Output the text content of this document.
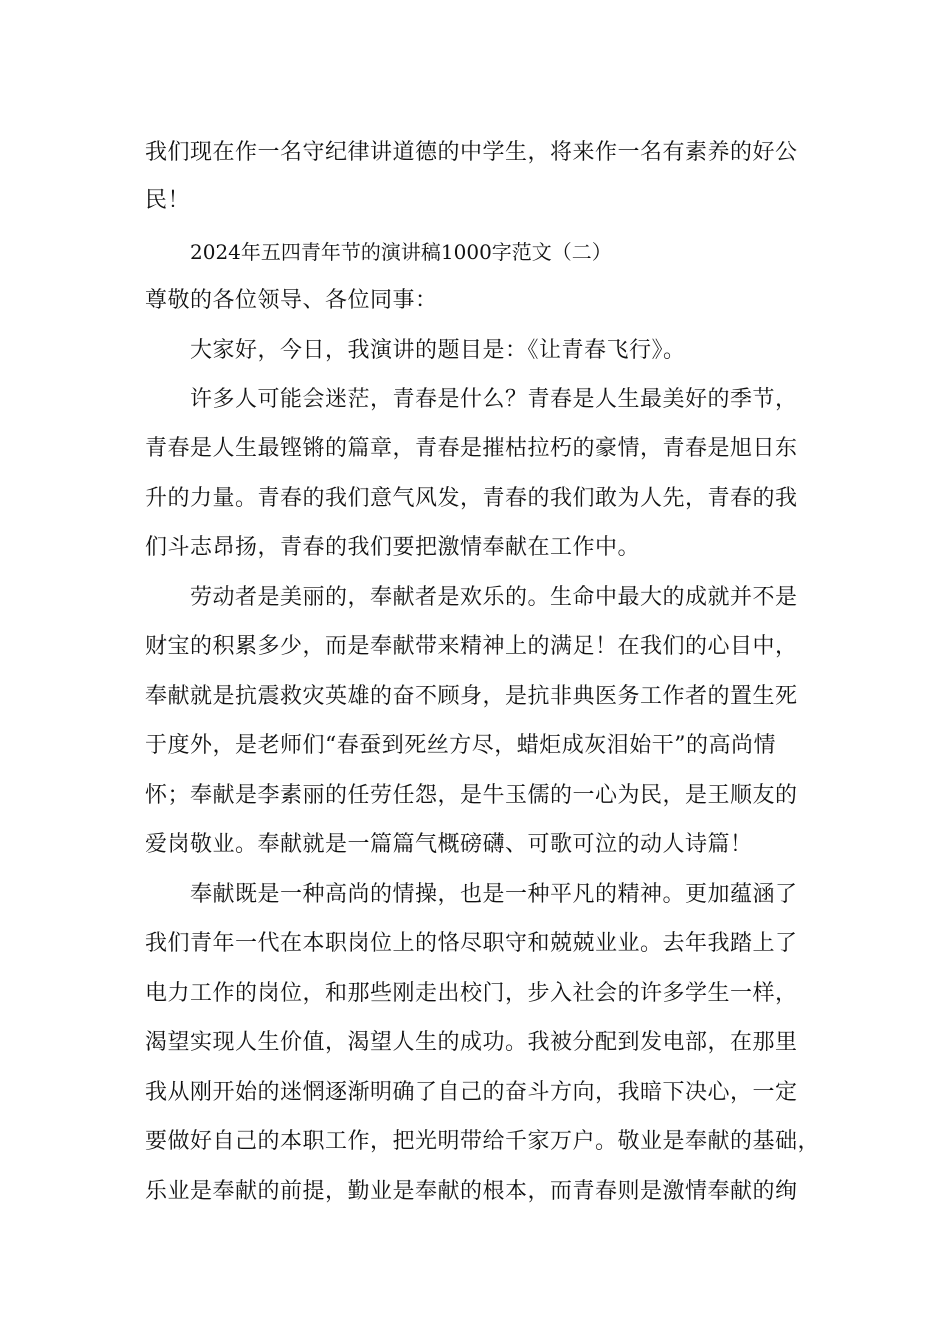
我们现在作一名守纪律讲道德的中学生，将来作一名有素养的好公
民！
2024年五四青年节的演讲稿1000字范文（二）
尊敬的各位领导、各位同事：
大家好，今日，我演讲的题目是：《让青春飞行》。
许多人可能会迷茫，青春是什么？青春是人生最美好的季节，
青春是人生最铿锵的篇章，青春是摧枯拉朽的豪情，青春是旭日东
升的力量。青春的我们意气风发，青春的我们敢为人先，青春的我
们斗志昂扬，青春的我们要把激情奉献在工作中。
劳动者是美丽的，奉献者是欢乐的。生命中最大的成就并不是
财宝的积累多少，而是奉献带来精神上的满足！在我们的心目中，
奉献就是抗震救灾英雄的奋不顾身，是抗非典医务工作者的置生死
于度外，是老师们“春蚕到死丝方尽，蜡炬成灰泪始干”的高尚情
怀；奉献是李素丽的任劳任怨，是牛玉儒的一心为民，是王顺友的
爱岗敬业。奉献就是一篇篇气概磅礴、可歌可泣的动人诗篇！
奉献既是一种高尚的情操，也是一种平凡的精神。更加蕴涵了
我们青年一代在本职岗位上的恪尽职守和兢兢业业。去年我踏上了
电力工作的岗位，和那些刚走出校门，步入社会的许多学生一样，
渴望实现人生价值，渴望人生的成功。我被分配到发电部，在那里
我从刚开始的迷惘逐渐明确了自己的奋斗方向，我暗下决心，一定
要做好自己的本职工作，把光明带给千家万户。敬业是奉献的基础，
乐业是奉献的前提，勤业是奉献的根本，而青春则是激情奉献的绚
